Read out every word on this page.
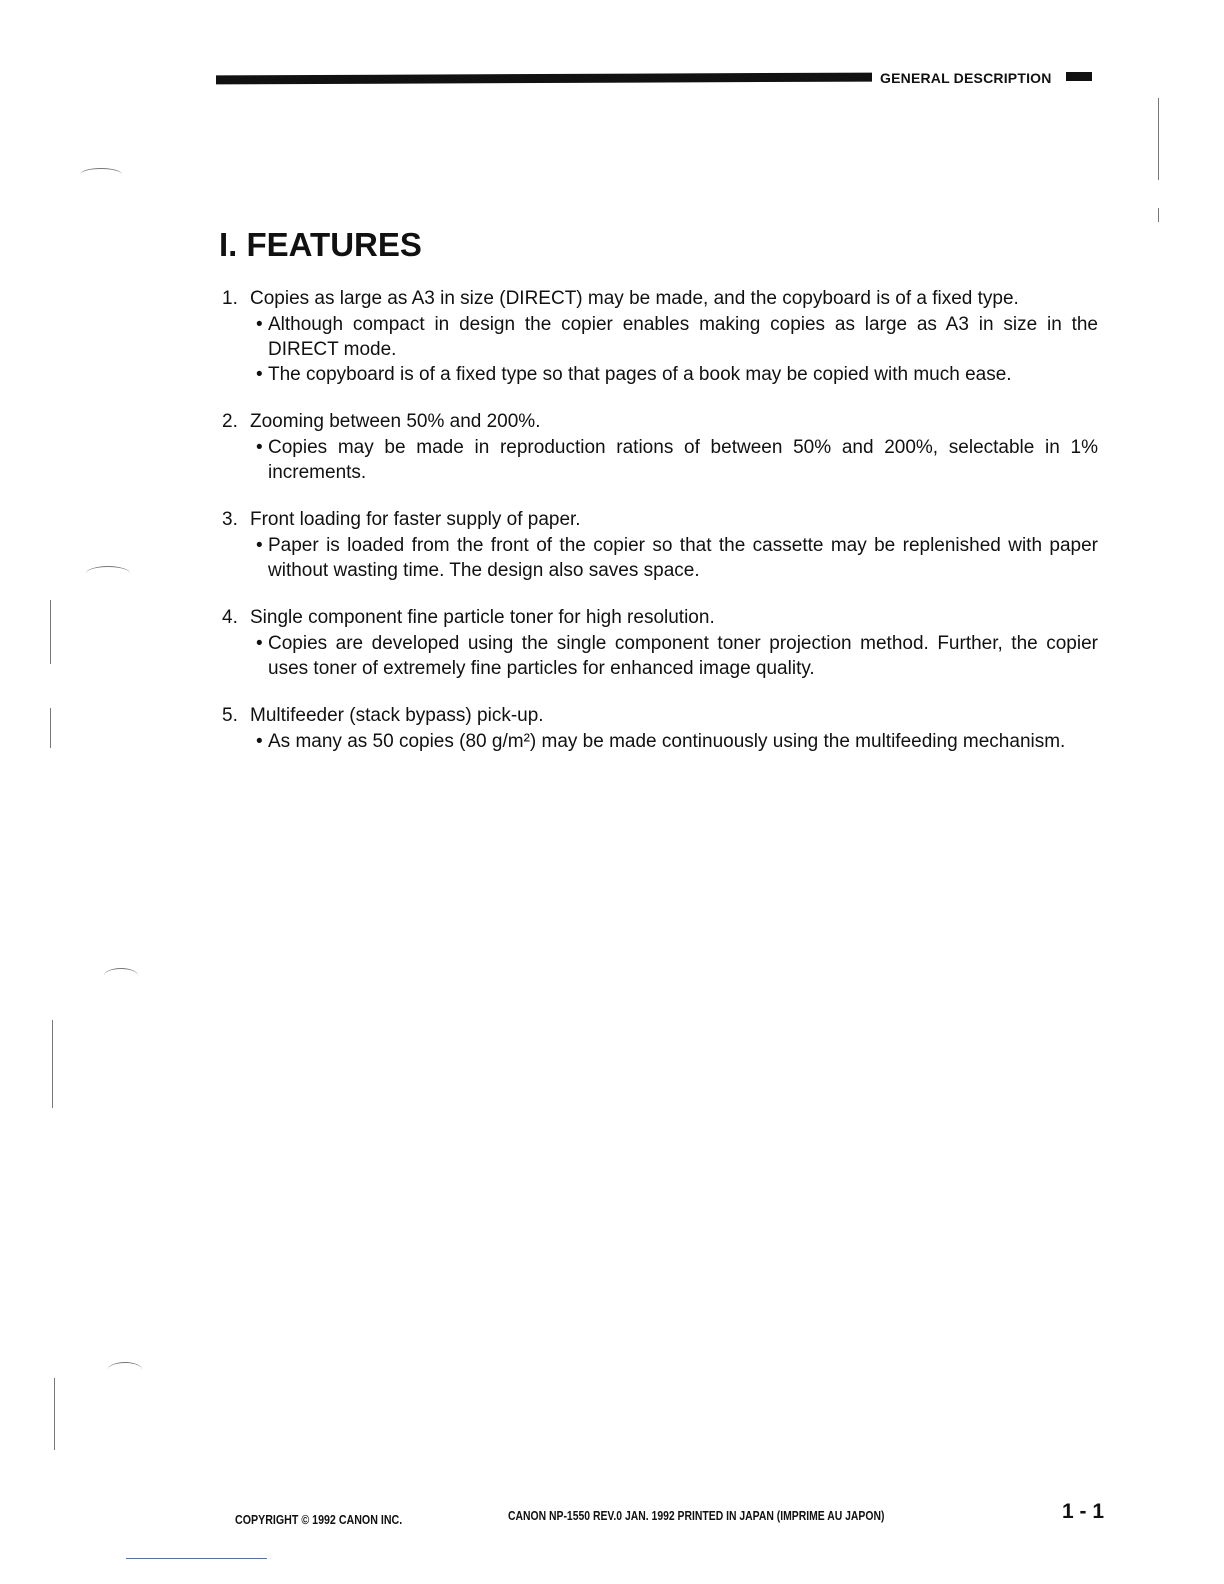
GENERAL DESCRIPTION
I. FEATURES
1. Copies as large as A3 in size (DIRECT) may be made, and the copyboard is of a fixed type.
• Although compact in design the copier enables making copies as large as A3 in size in the DIRECT mode.
• The copyboard is of a fixed type so that pages of a book may be copied with much ease.
2. Zooming between 50% and 200%.
• Copies may be made in reproduction rations of between 50% and 200%, selectable in 1% increments.
3. Front loading for faster supply of paper.
• Paper is loaded from the front of the copier so that the cassette may be replenished with paper without wasting time. The design also saves space.
4. Single component fine particle toner for high resolution.
• Copies are developed using the single component toner projection method. Further, the copier uses toner of extremely fine particles for enhanced image quality.
5. Multifeeder (stack bypass) pick-up.
• As many as 50 copies (80 g/m²) may be made continuously using the multifeeding mechanism.
COPYRIGHT © 1992 CANON INC.	CANON NP-1550 REV.0 JAN. 1992 PRINTED IN JAPAN (IMPRIME AU JAPON)	1 - 1
